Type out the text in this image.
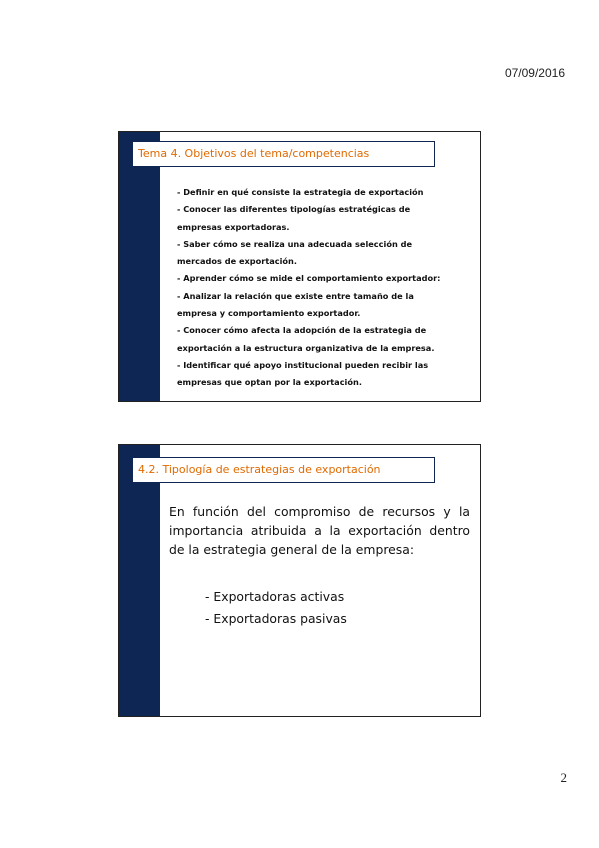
07/09/2016
Tema 4. Objetivos del tema/competencias
- Definir en qué consiste la estrategia de exportación
- Conocer las diferentes tipologías estratégicas de
empresas exportadoras.
- Saber cómo se realiza una adecuada selección de
mercados de exportación.
- Aprender cómo se mide el comportamiento exportador:
- Analizar la relación que existe entre tamaño de la
empresa y comportamiento exportador.
- Conocer cómo afecta la adopción de la estrategia de
exportación a la estructura organizativa de la empresa.
- Identificar qué apoyo institucional pueden recibir las
empresas que optan por la exportación.
4.2. Tipología de estrategias de exportación
En función del compromiso de recursos y la importancia atribuida a la exportación dentro de la estrategia general de la empresa:
- Exportadoras activas
- Exportadoras pasivas
2
